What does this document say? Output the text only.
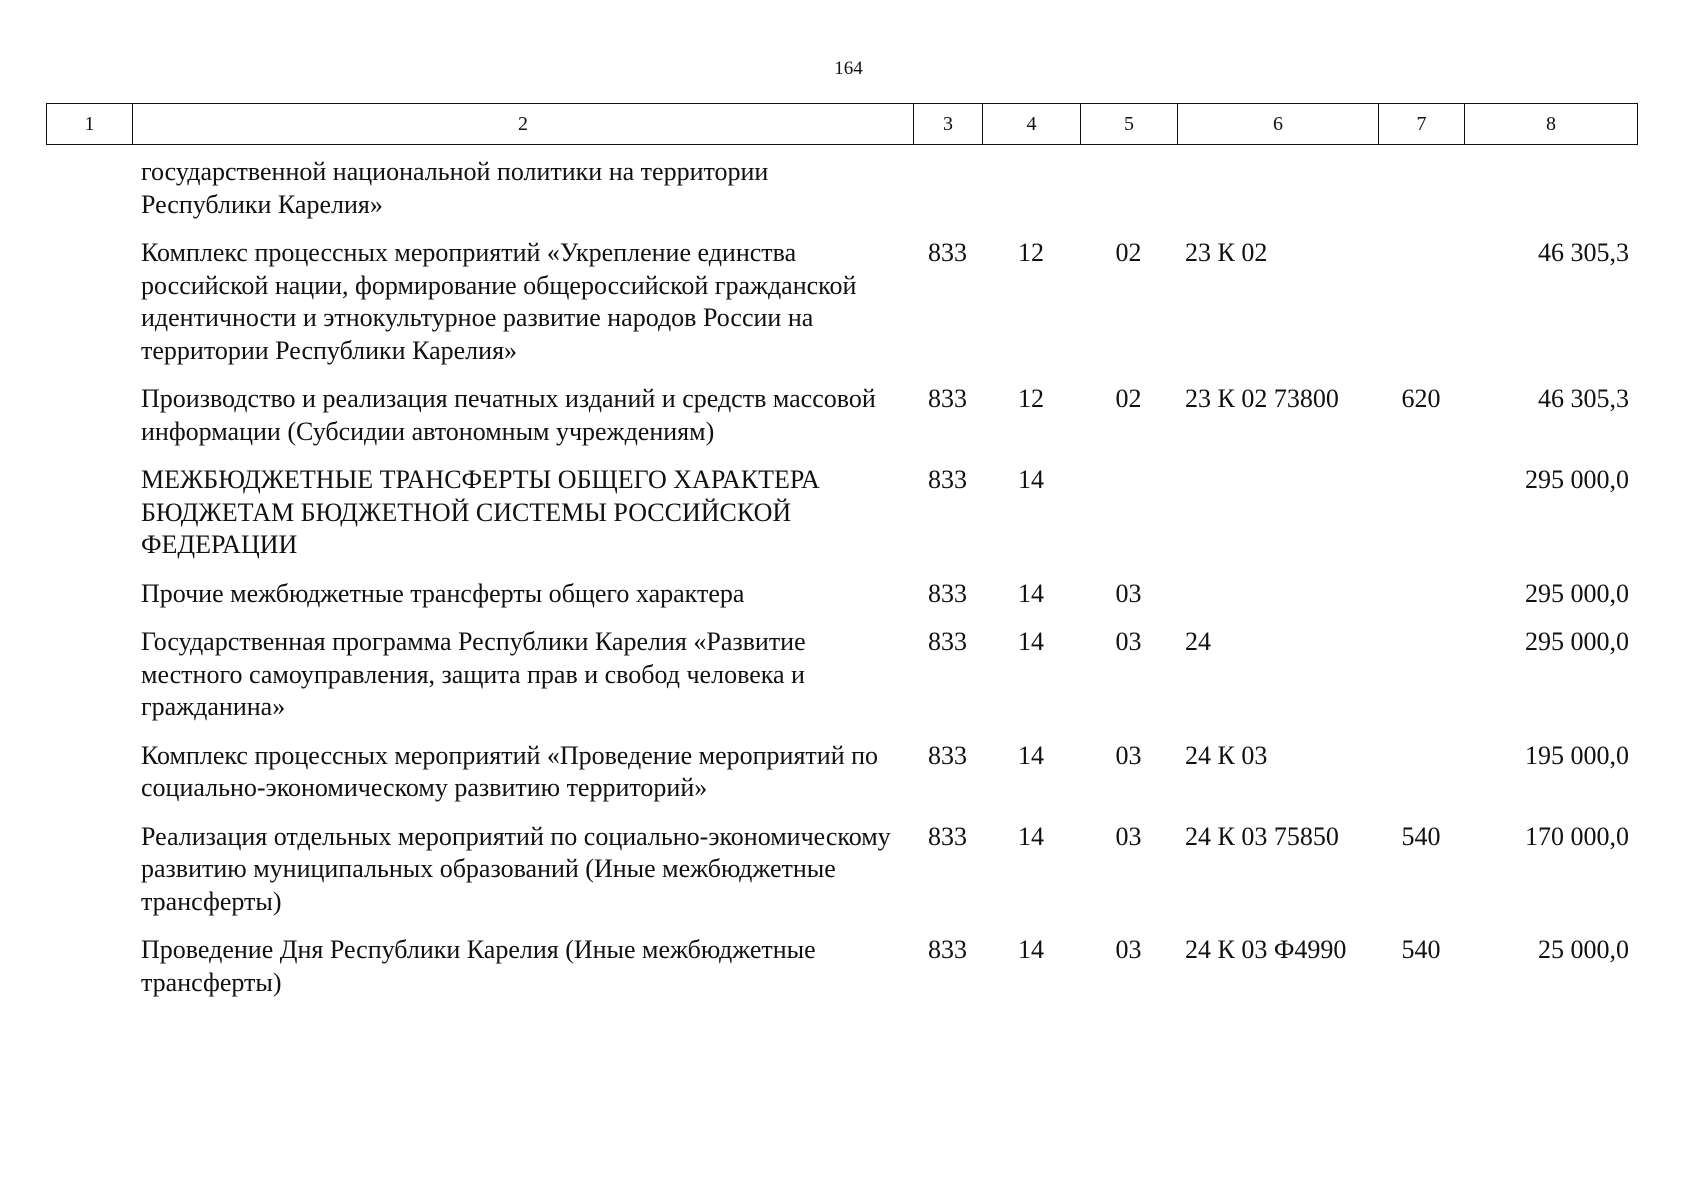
164
1	2	3	4	5	6	7	8
государственной национальной политики на территории Республики Карелия»						
Комплекс процессных мероприятий «Укрепление единства российской нации, формирование общероссийской гражданской идентичности и этнокультурное развитие народов России на территории Республики Карелия»	833	12	02	23 К 02		46 305,3
Производство и реализация печатных изданий и средств массовой информации (Субсидии автономным учреждениям)	833	12	02	23 К 02 73800	620	46 305,3
МЕЖБЮДЖЕТНЫЕ ТРАНСФЕРТЫ ОБЩЕГО ХАРАКТЕРА БЮДЖЕТАМ БЮДЖЕТНОЙ СИСТЕМЫ РОССИЙСКОЙ ФЕДЕРАЦИИ	833	14				295 000,0
Прочие межбюджетные трансферты общего характера	833	14	03			295 000,0
Государственная программа Республики Карелия «Развитие местного самоуправления, защита прав и свобод человека и гражданина»	833	14	03	24		295 000,0
Комплекс процессных мероприятий «Проведение мероприятий по социально-экономическому развитию территорий»	833	14	03	24 К 03		195 000,0
Реализация отдельных мероприятий по социально-экономическому развитию муниципальных образований (Иные межбюджетные трансферты)	833	14	03	24 К 03 75850	540	170 000,0
Проведение Дня Республики Карелия (Иные межбюджетные трансферты)	833	14	03	24 К 03 Ф4990	540	25 000,0
